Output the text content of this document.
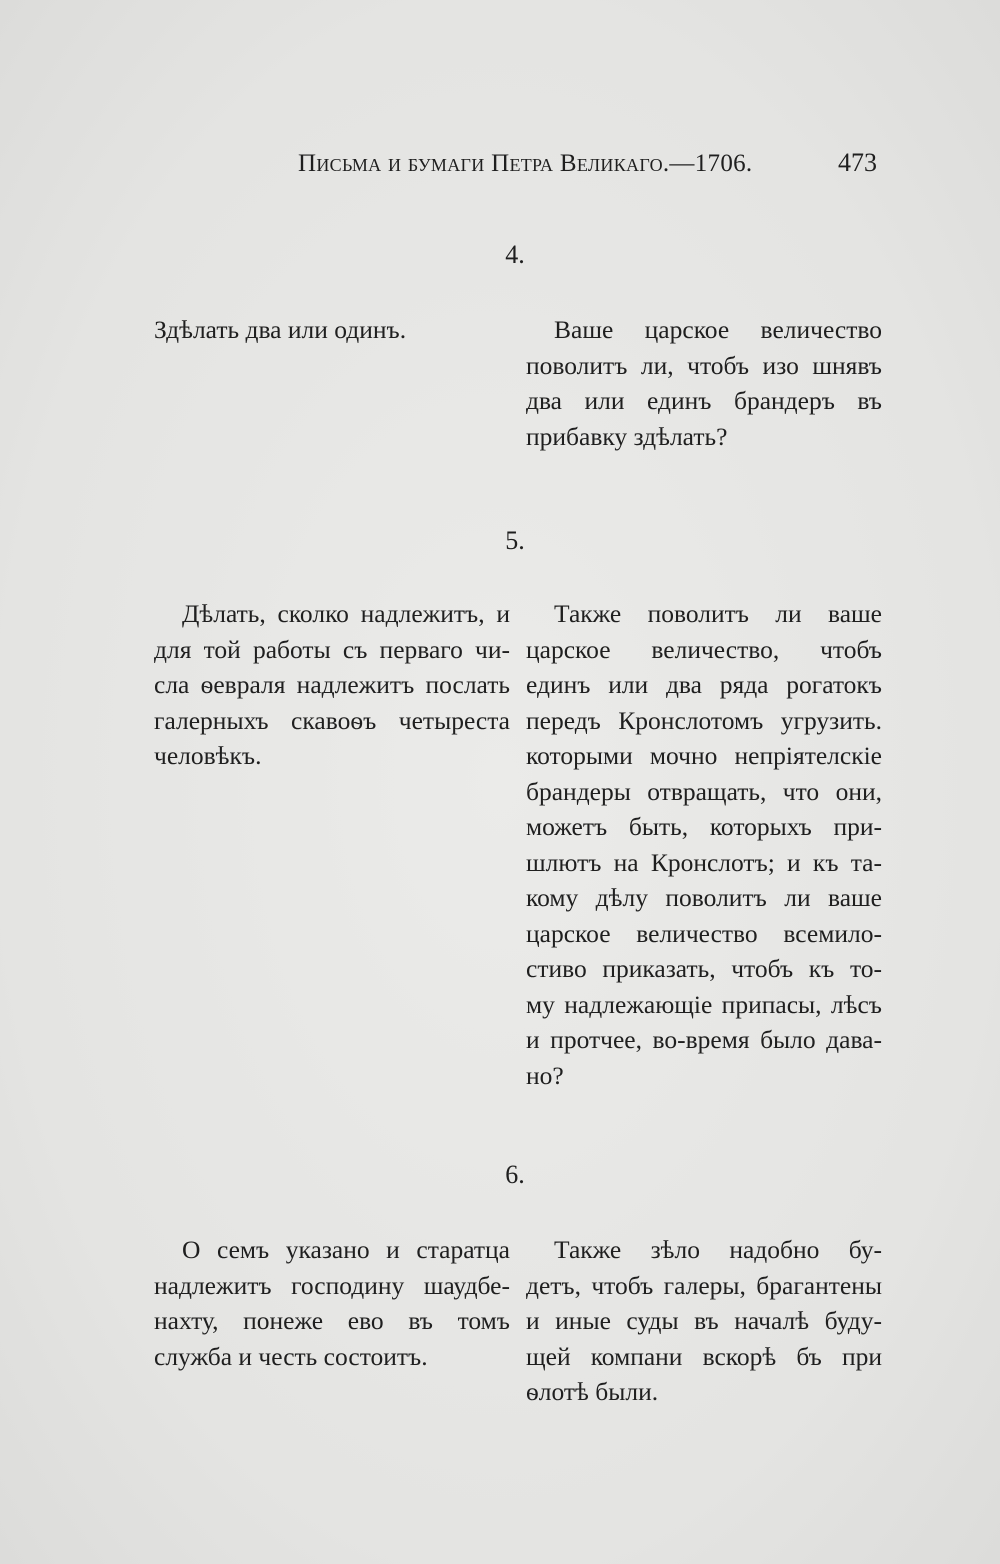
Письма и бумаги Петра Великаго.—1706.	473
4.
Здѣлать два или одинъ.	Ваше царское величество
поволитъ ли, чтобъ изо шнявъ
два или единъ брандеръ въ
прибавку здѣлать?
5.
Дѣлать, сколко надлежитъ, и
для той работы съ перваго чи-
сла ѳевраля надлежитъ послать
галерныхъ скавоѳъ четыреста
человѣкъ.
Также поволитъ ли ваше
царское величество, чтобъ
единъ или два ряда рогатокъ
передъ Кронслотомъ угрузить.
которыми мочно непріятелскіе
брандеры отвращать, что они,
можетъ быть, которыхъ при-
шлютъ на Кронслотъ; и къ та-
кому дѣлу поволитъ ли ваше
царское величество всемило-
стиво приказать, чтобъ къ то-
му надлежающіе припасы, лѣсъ
и протчее, во-время было дава-
но?
6.
О семъ указано и старатца
надлежитъ господину шаудбе-
нахту, понеже ево въ томъ
служба и честь состоитъ.
Также зѣло надобно бу-
детъ, чтобъ галеры, брагантены
и иные суды въ началѣ буду-
щей компани вскорѣ бъ при
ѳлотѣ были.
